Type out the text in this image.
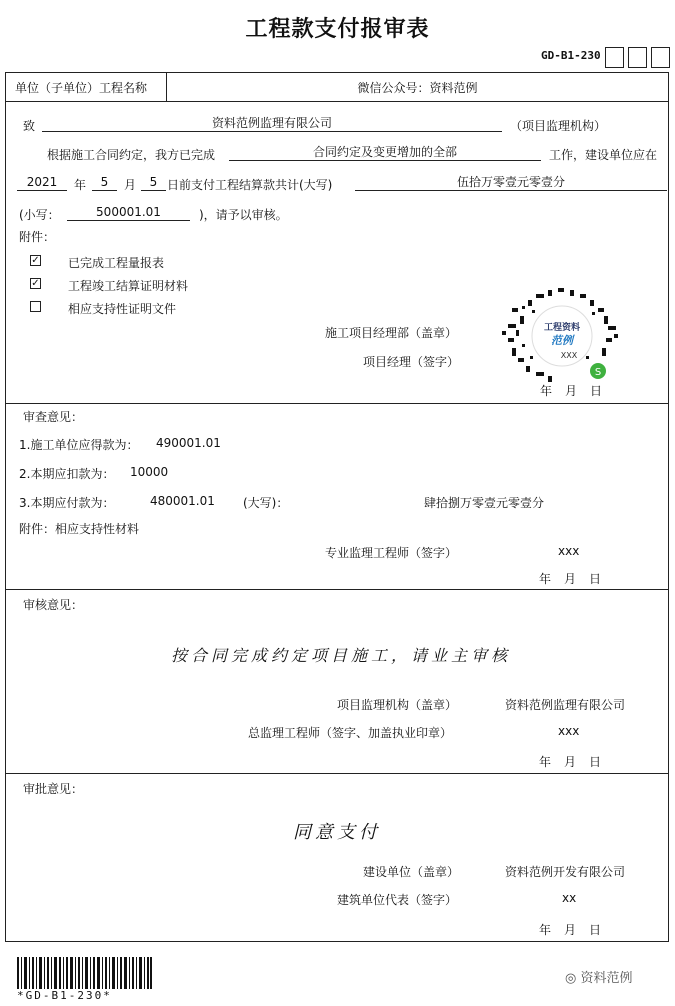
工程款支付报审表
GD-B1-230
单位（子单位）工程名称	微信公众号：资料范例
致	资料范例监理有限公司	（项目监理机构）
根据施工合同约定，我方已完成	合同约定及变更增加的全部	工作，建设单位应在
2021	年	5	月	5 日前支付工程结算款共计(大写)	伍拾万零壹元零壹分
(小写：	500001.01	)，请予以审核。
附件：
✓ 已完成工程量报表
✓ 工程竣工结算证明材料
相应支持性证明文件
施工项目经理部（盖章）
项目经理（签字）
工程资料
范例
XXX
S
年 月 日
审查意见：
1.施工单位应得款为： 490001.01
2.本期应扣款为： 10000
3.本期应付款为：	480001.01 (大写)：	肆拾捌万零壹元零壹分
附件：相应支持性材料
专业监理工程师（签字）	xxx
年 月 日
审核意见：
按合同完成约定项目施工，请业主审核
项目监理机构（盖章）	资料范例监理有限公司
总监理工程师（签字、加盖执业印章）	xxx
年 月 日
审批意见：
同意支付
建设单位（盖章）	资料范例开发有限公司
建筑单位代表（签字）	xx
年 月 日
*GD-B1-230*
◎ 资料范例
